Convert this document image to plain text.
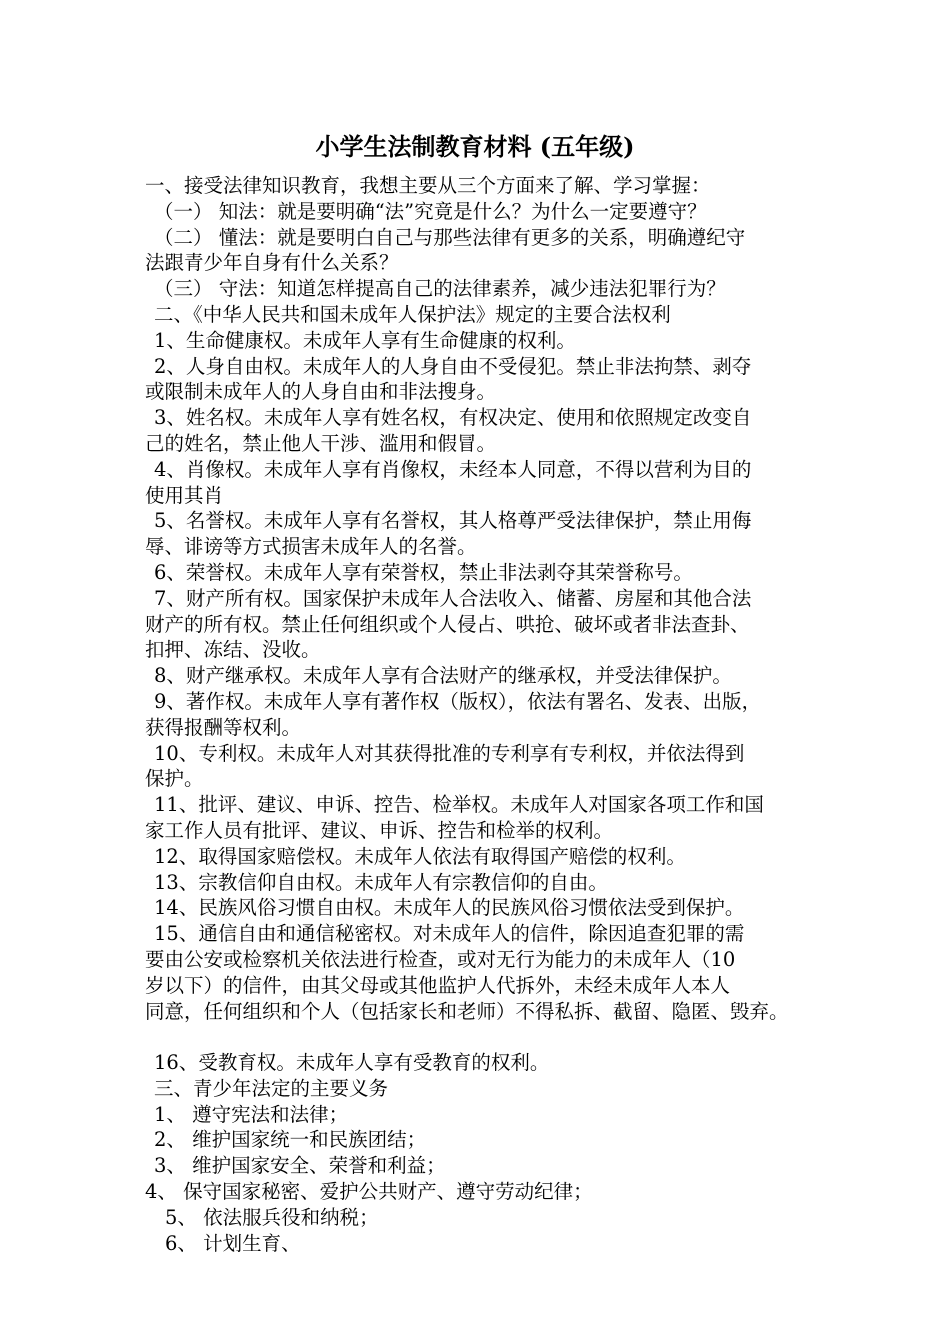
小学生法制教育材料 (五年级)

一、接受法律知识教育，我想主要从三个方面来了解、学习掌握：

（一） 知法：就是要明确“法”究竟是什么？为什么一定要遵守？

（二） 懂法：就是要明白自己与那些法律有更多的关系，明确遵纪守

法跟青少年自身有什么关系？

（三） 守法：知道怎样提高自己的法律素养，减少违法犯罪行为？

二、《中华人民共和国未成年人保护法》规定的主要合法权利

1、生命健康权。未成年人享有生命健康的权利。

2、人身自由权。未成年人的人身自由不受侵犯。禁止非法拘禁、剥夺

或限制未成年人的人身自由和非法搜身。

3、姓名权。未成年人享有姓名权，有权决定、使用和依照规定改变自

己的姓名，禁止他人干涉、滥用和假冒。

4、肖像权。未成年人享有肖像权，未经本人同意，不得以营利为目的

使用其肖

5、名誉权。未成年人享有名誉权，其人格尊严受法律保护，禁止用侮

辱、诽谤等方式损害未成年人的名誉。

6、荣誉权。未成年人享有荣誉权，禁止非法剥夺其荣誉称号。

7、财产所有权。国家保护未成年人合法收入、储蓄、房屋和其他合法

财产的所有权。禁止任何组织或个人侵占、哄抢、破坏或者非法查卦、

扣押、冻结、没收。

8、财产继承权。未成年人享有合法财产的继承权，并受法律保护。

9、著作权。未成年人享有著作权（版权），依法有署名、发表、出版，

获得报酬等权利。

10、专利权。未成年人对其获得批准的专利享有专利权，并依法得到

保护。

11、批评、建议、申诉、控告、检举权。未成年人对国家各项工作和国

家工作人员有批评、建议、申诉、控告和检举的权利。

12、取得国家赔偿权。未成年人依法有取得国产赔偿的权利。

13、宗教信仰自由权。未成年人有宗教信仰的自由。

14、民族风俗习惯自由权。未成年人的民族风俗习惯依法受到保护。

15、通信自由和通信秘密权。对未成年人的信件，除因追查犯罪的需

要由公安或检察机关依法进行检查，或对无行为能力的未成年人（10

岁以下）的信件，由其父母或其他监护人代拆外，未经未成年人本人

同意，任何组织和个人（包括家长和老师）不得私拆、截留、隐匿、毁弃。

16、受教育权。未成年人享有受教育的权利。

三、青少年法定的主要义务

1、 遵守宪法和法律；

2、 维护国家统一和民族团结；

3、 维护国家安全、荣誉和利益；

4、 保守国家秘密、爱护公共财产、遵守劳动纪律；

5、 依法服兵役和纳税；

6、 计划生育、
